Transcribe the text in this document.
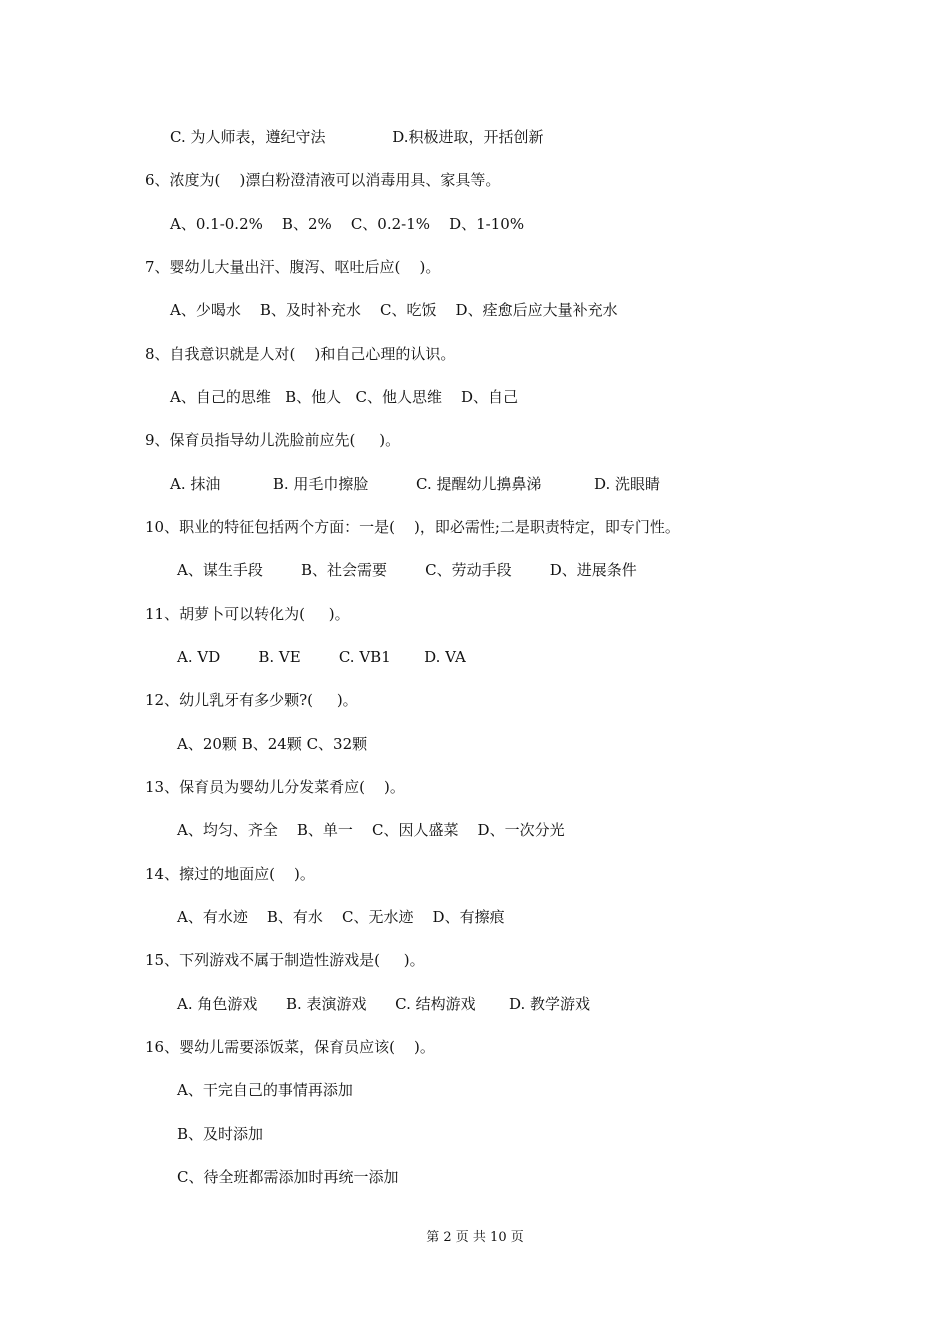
C. 为人师表，遵纪守法              D.积极进取，开括创新
6、浓度为(    )漂白粉澄清液可以消毒用具、家具等。
A、0.1-0.2%    B、2%    C、0.2-1%    D、1-10%
7、婴幼儿大量出汗、腹泻、呕吐后应(    )。
A、少喝水    B、及时补充水    C、吃饭    D、痊愈后应大量补充水
8、自我意识就是人对(    )和自己心理的认识。
A、自己的思维   B、他人   C、他人思维    D、自己
9、保育员指导幼儿洗脸前应先(     )。
A. 抹油           B. 用毛巾擦脸          C. 提醒幼儿擤鼻涕           D. 洗眼睛
10、职业的特征包括两个方面：一是(    )，即必需性;二是职责特定，即专门性。
A、谋生手段        B、社会需要        C、劳动手段        D、进展条件
11、胡萝卜可以转化为(     )。
A. VD        B. VE        C. VB1       D. VA
12、幼儿乳牙有多少颗?(     )。
A、20颗 B、24颗 C、32颗
13、保育员为婴幼儿分发菜肴应(    )。
A、均匀、齐全    B、单一    C、因人盛菜    D、一次分光
14、擦过的地面应(    )。
A、有水迹    B、有水    C、无水迹    D、有擦痕
15、下列游戏不属于制造性游戏是(     )。
A. 角色游戏      B. 表演游戏      C. 结构游戏       D. 教学游戏
16、婴幼儿需要添饭菜，保育员应该(    )。
A、干完自己的事情再添加
B、及时添加
C、待全班都需添加时再统一添加
第 2 页 共 10 页
